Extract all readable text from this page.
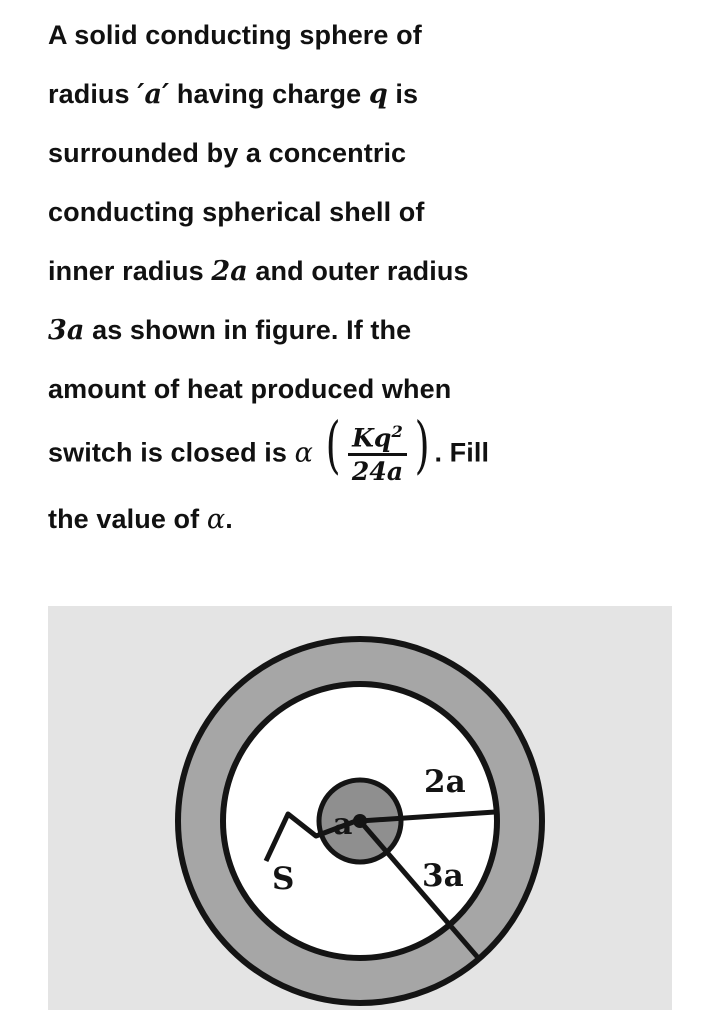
A solid conducting sphere of
radius ′a′ having charge q is
surrounded by a concentric
conducting spherical shell of
inner radius 2a and outer radius
3a as shown in figure. If the
amount of heat produced when
switch is closed is α ( $\frac{Kq^2}{24a}$ ) . Fill
the value of α.
a
2a
3a
S
